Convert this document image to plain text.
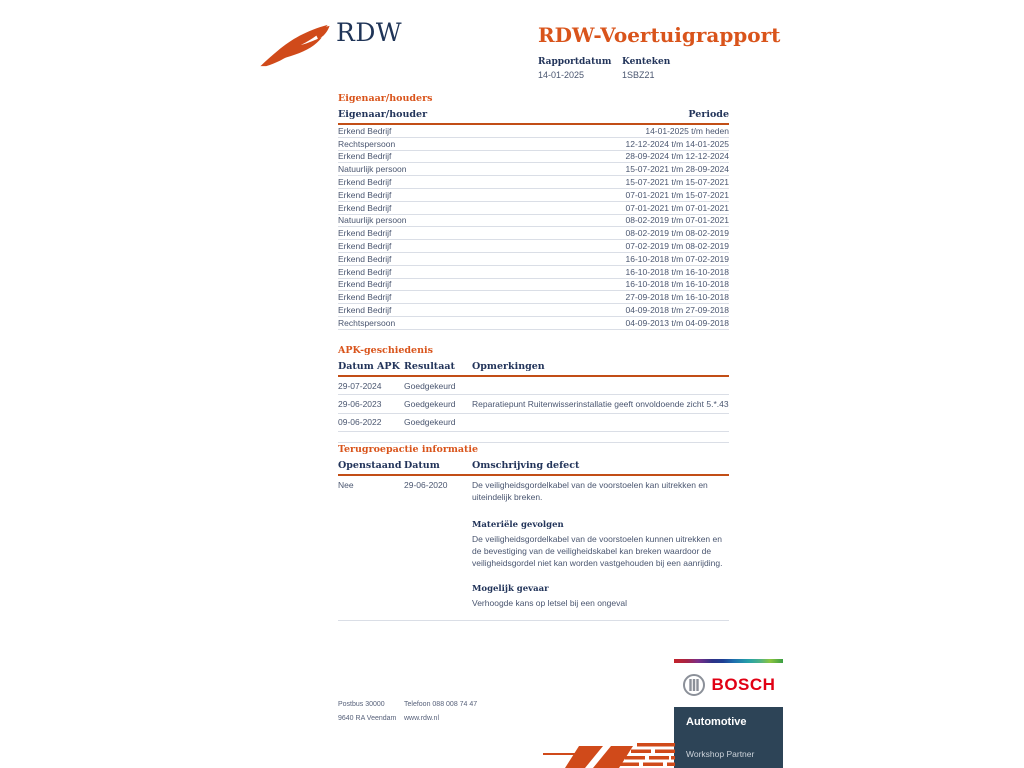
RDW	RDW-Voertuigrapport
Rapportdatum
14-01-2025
Kenteken
1SBZ21
Eigenaar/houders
Eigenaar/houder	Periode
Erkend Bedrijf	14-01-2025 t/m heden
Rechtspersoon	12-12-2024 t/m 14-01-2025
Erkend Bedrijf	28-09-2024 t/m 12-12-2024
Natuurlijk persoon	15-07-2021 t/m 28-09-2024
Erkend Bedrijf	15-07-2021 t/m 15-07-2021
Erkend Bedrijf	07-01-2021 t/m 15-07-2021
Erkend Bedrijf	07-01-2021 t/m 07-01-2021
Natuurlijk persoon	08-02-2019 t/m 07-01-2021
Erkend Bedrijf	08-02-2019 t/m 08-02-2019
Erkend Bedrijf	07-02-2019 t/m 08-02-2019
Erkend Bedrijf	16-10-2018 t/m 07-02-2019
Erkend Bedrijf	16-10-2018 t/m 16-10-2018
Erkend Bedrijf	16-10-2018 t/m 16-10-2018
Erkend Bedrijf	27-09-2018 t/m 16-10-2018
Erkend Bedrijf	04-09-2018 t/m 27-09-2018
Rechtspersoon	04-09-2013 t/m 04-09-2018
APK-geschiedenis
Datum APK Resultaat	Opmerkingen
29-07-2024	Goedgekeurd
29-06-2023	Goedgekeurd	Reparatiepunt Ruitenwisserinstallatie geeft onvoldoende zicht 5.*.43
09-06-2022	Goedgekeurd
Terugroepactie informatie
Openstaand Datum	Omschrijving defect
Nee	29-06-2020	De veiligheidsgordelkabel van de voorstoelen kan uitrekken en uiteindelijk breken.
Materiële gevolgen
De veiligheidsgordelkabel van de voorstoelen kunnen uitrekken en de bevestiging van de veiligheidskabel kan breken waardoor de veiligheidsgordel niet kan worden vastgehouden bij een aanrijding.
Mogelijk gevaar
Verhoogde kans op letsel bij een ongeval
Postbus 30000
9640 RA Veendam
Telefoon 088 008 74 47
www.rdw.nl
BOSCH
Automotive
Workshop Partner
